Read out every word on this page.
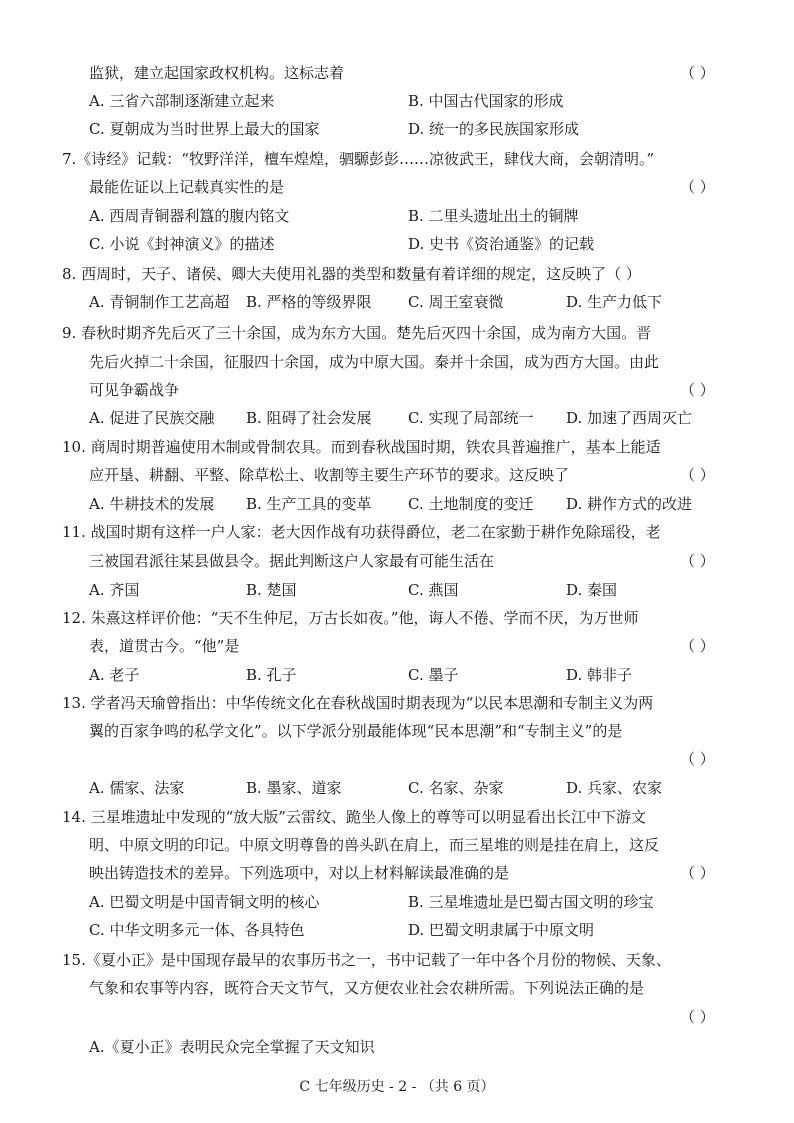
监狱，建立起国家政权机构。这标志着	（ ）
A. 三省六部制逐渐建立起来	B. 中国古代国家的形成
C. 夏朝成为当时世界上最大的国家	D. 统一的多民族国家形成
7.《诗经》记载：“牧野洋洋，檀车煌煌，驷騵彭彭……凉彼武王，肆伐大商，会朝清明。”
最能佐证以上记载真实性的是	（ ）
A. 西周青铜器利簋的腹内铭文	B. 二里头遗址出土的铜牌
C. 小说《封神演义》的描述	D. 史书《资治通鉴》的记载
8. 西周时，天子、诸侯、卿大夫使用礼器的类型和数量有着详细的规定，这反映了（ ）
A. 青铜制作工艺高超 B. 严格的等级界限 C. 周王室衰微	D. 生产力低下
9. 春秋时期齐先后灭了三十余国，成为东方大国。楚先后灭四十余国，成为南方大国。晋
先后火掉二十余国，征服四十余国，成为中原大国。秦并十余国，成为西方大国。由此
可见争霸战争	（ ）
A. 促进了民族交融 B. 阻碍了社会发展 C. 实现了局部统一 D. 加速了西周灭亡
10. 商周时期普遍使用木制或骨制农具。而到春秋战国时期，铁农具普遍推广，基本上能适
应开垦、耕翻、平整、除草松土、收割等主要生产环节的要求。这反映了	（ ）
A. 牛耕技术的发展 B. 生产工具的变革 C. 土地制度的变迁 D. 耕作方式的改进
11. 战国时期有这样一户人家：老大因作战有功获得爵位，老二在家勤于耕作免除瑶役，老
三被国君派往某县做县令。据此判断这户人家最有可能生活在	（ ）
A. 齐国	B. 楚国	C. 燕国	D. 秦国
12. 朱熹这样评价他：“天不生仲尼，万古长如夜。”他，诲人不倦、学而不厌，为万世师
表，道贯古今。“他”是	（ ）
A. 老子	B. 孔子	C. 墨子	D. 韩非子
13. 学者冯天瑜曾指出：中华传统文化在春秋战国时期表现为“以民本思潮和专制主义为两
翼的百家争鸣的私学文化”。以下学派分别最能体现“民本思潮”和“专制主义”的是
（ ）
A. 儒家、法家	B. 墨家、道家	C. 名家、杂家	D. 兵家、农家
14. 三星堆遗址中发现的“放大版”云雷纹、跪坐人像上的尊等可以明显看出长江中下游文
明、中原文明的印记。中原文明尊鲁的兽头趴在肩上，而三星堆的则是挂在肩上，这反
映出铸造技术的差异。下列选项中，对以上材料解读最准确的是	（ ）
A. 巴蜀文明是中国青铜文明的核心	B. 三星堆遗址是巴蜀古国文明的珍宝
C. 中华文明多元一体、各具特色	D. 巴蜀文明隶属于中原文明
15.《夏小正》是中国现存最早的农事历书之一，书中记载了一年中各个月份的物候、天象、
气象和农事等内容，既符合天文节气，又方便农业社会农耕所需。下列说法正确的是
（ ）
A.《夏小正》表明民众完全掌握了天文知识
C 七年级历史 - 2 - （共 6 页）
